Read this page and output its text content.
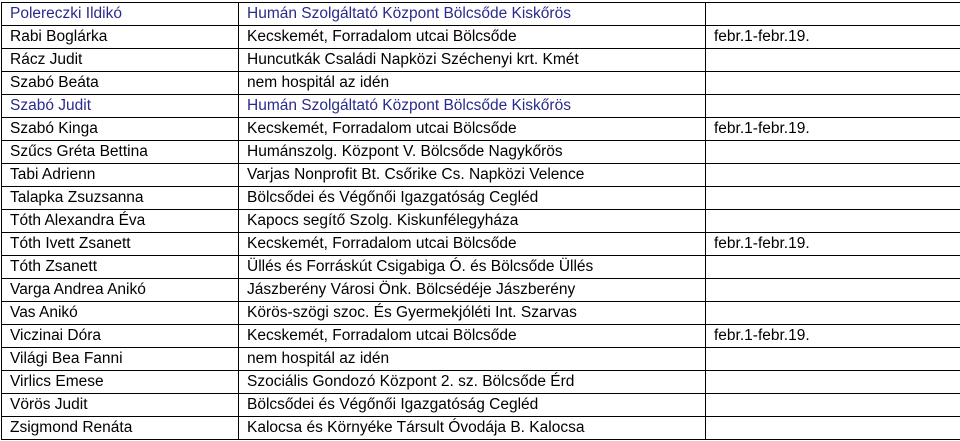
Polereczki Ildikó	Humán Szolgáltató Központ Bölcsőde Kiskőrös	
Rabi Boglárka	Kecskemét, Forradalom utcai Bölcsőde	febr.1-febr.19.
Rácz Judit	Huncutkák Családi Napközi Széchenyi krt. Kmét	
Szabó Beáta	nem hospitál az idén	
Szabó Judit	Humán Szolgáltató Központ Bölcsőde Kiskőrös	
Szabó Kinga	Kecskemét, Forradalom utcai Bölcsőde	febr.1-febr.19.
Szűcs Gréta Bettina	Humánszolg. Központ V. Bölcsőde Nagykőrös	
Tabi Adrienn	Varjas Nonprofit Bt. Csőrike Cs. Napközi Velence	
Talapka Zsuzsanna	Bölcsődei és Végőnői Igazgatóság Cegléd	
Tóth Alexandra Éva	Kapocs segítő Szolg. Kiskunfélegyháza	
Tóth Ivett Zsanett	Kecskemét, Forradalom utcai Bölcsőde	febr.1-febr.19.
Tóth Zsanett	Üllés és Forráskút Csigabiga Ó. és Bölcsőde Üllés	
Varga Andrea Anikó	Jászberény Városi Önk. Bölcsédéje Jászberény	
Vas Anikó	Körös-szögi szoc. És Gyermekjóléti Int. Szarvas	
Viczinai Dóra	Kecskemét, Forradalom utcai Bölcsőde	febr.1-febr.19.
Világi Bea Fanni	nem hospitál az idén	
Virlics Emese	Szociális Gondozó Központ 2. sz. Bölcsőde Érd	
Vörös Judit	Bölcsődei és Végőnői Igazgatóság Cegléd	
Zsigmond Renáta	Kalocsa és Környéke Társult Óvodája B. Kalocsa	
